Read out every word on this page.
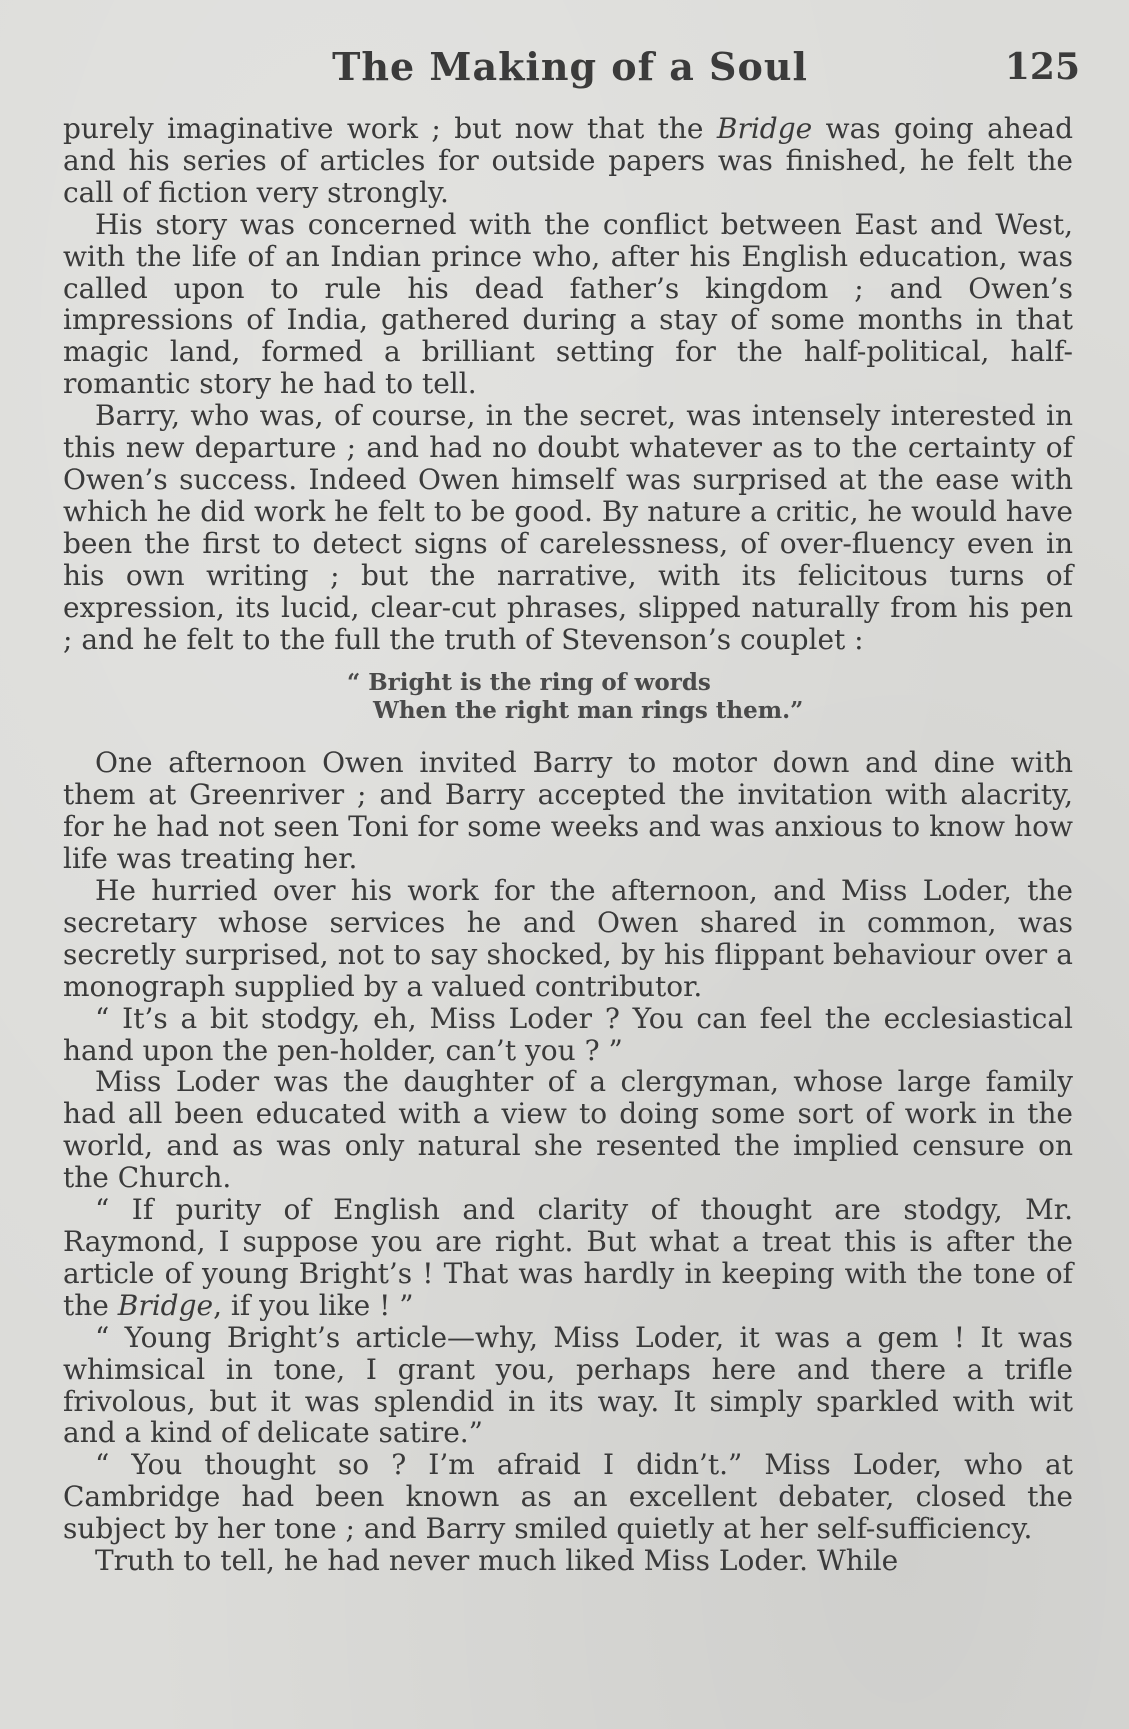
The Making of a Soul	125

purely imaginative work ; but now that the Bridge was going ahead and his series of articles for outside papers was finished, he felt the call of fiction very strongly.

His story was concerned with the conflict between East and West, with the life of an Indian prince who, after his English education, was called upon to rule his dead father’s kingdom ; and Owen’s impressions of India, gathered during a stay of some months in that magic land, formed a brilliant setting for the half-political, half-romantic story he had to tell.

Barry, who was, of course, in the secret, was intensely interested in this new departure ; and had no doubt whatever as to the certainty of Owen’s success. Indeed Owen himself was surprised at the ease with which he did work he felt to be good. By nature a critic, he would have been the first to detect signs of carelessness, of over-fluency even in his own writing ; but the narrative, with its felicitous turns of expression, its lucid, clear-cut phrases, slipped naturally from his pen ; and he felt to the full the truth of Stevenson’s couplet :

“ Bright is the ring of words
When the right man rings them.”

One afternoon Owen invited Barry to motor down and dine with them at Greenriver ; and Barry accepted the invitation with alacrity, for he had not seen Toni for some weeks and was anxious to know how life was treating her.

He hurried over his work for the afternoon, and Miss Loder, the secretary whose services he and Owen shared in common, was secretly surprised, not to say shocked, by his flippant behaviour over a monograph supplied by a valued contributor.

“ It’s a bit stodgy, eh, Miss Loder ? You can feel the ecclesiastical hand upon the pen-holder, can’t you ? ”

Miss Loder was the daughter of a clergyman, whose large family had all been educated with a view to doing some sort of work in the world, and as was only natural she resented the implied censure on the Church.

“ If purity of English and clarity of thought are stodgy, Mr. Raymond, I suppose you are right. But what a treat this is after the article of young Bright’s ! That was hardly in keeping with the tone of the Bridge, if you like ! ”

“ Young Bright’s article—why, Miss Loder, it was a gem ! It was whimsical in tone, I grant you, perhaps here and there a trifle frivolous, but it was splendid in its way. It simply sparkled with wit and a kind of delicate satire.”

“ You thought so ? I’m afraid I didn’t.” Miss Loder, who at Cambridge had been known as an excellent debater, closed the subject by her tone ; and Barry smiled quietly at her self-sufficiency.

Truth to tell, he had never much liked Miss Loder. While
